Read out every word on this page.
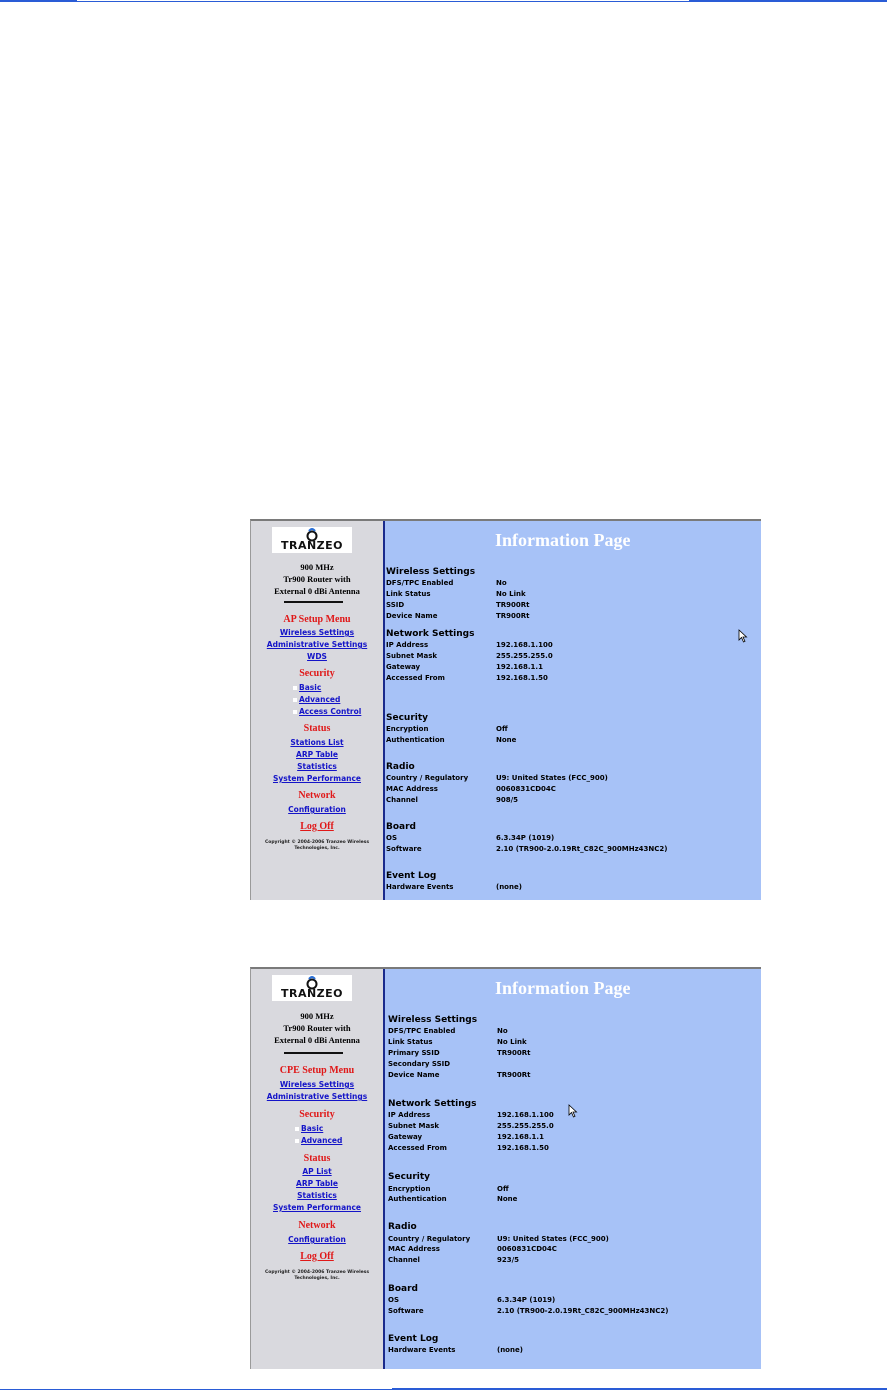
TRANZEO
900 MHz
Tr900 Router with
External 0 dBi Antenna
AP Setup Menu
Wireless Settings
Administrative Settings
WDS
Security
Basic
Advanced
Access Control
Status
Stations List
ARP Table
Statistics
System Performance
Network
Configuration
Log Off
Copyright © 2004-2006 Tranzeo Wireless
Technologies, Inc.
Information Page
Wireless Settings
DFS/TPC Enabled	No
Link Status	No Link
SSID	TR900Rt
Device Name	TR900Rt
Network Settings
IP Address	192.168.1.100
Subnet Mask	255.255.255.0
Gateway	192.168.1.1
Accessed From	192.168.1.50
Security
Encryption	Off
Authentication	None
Radio
Country / Regulatory	U9: United States (FCC_900)
MAC Address	0060831CD04C
Channel	908/5
Board
OS	6.3.34P (1019)
Software	2.10 (TR900-2.0.19Rt_C82C_900MHz43NC2)
Event Log
Hardware Events	(none)
TRANZEO
900 MHz
Tr900 Router with
External 0 dBi Antenna
CPE Setup Menu
Wireless Settings
Administrative Settings
Security
Basic
Advanced
Status
AP List
ARP Table
Statistics
System Performance
Network
Configuration
Log Off
Copyright © 2004-2006 Tranzeo Wireless
Technologies, Inc.
Information Page
Wireless Settings
DFS/TPC Enabled	No
Link Status	No Link
Primary SSID	TR900Rt
Secondary SSID
Device Name	TR900Rt
Network Settings
IP Address	192.168.1.100
Subnet Mask	255.255.255.0
Gateway	192.168.1.1
Accessed From	192.168.1.50
Security
Encryption	Off
Authentication	None
Radio
Country / Regulatory	U9: United States (FCC_900)
MAC Address	0060831CD04C
Channel	923/5
Board
OS	6.3.34P (1019)
Software	2.10 (TR900-2.0.19Rt_C82C_900MHz43NC2)
Event Log
Hardware Events	(none)
